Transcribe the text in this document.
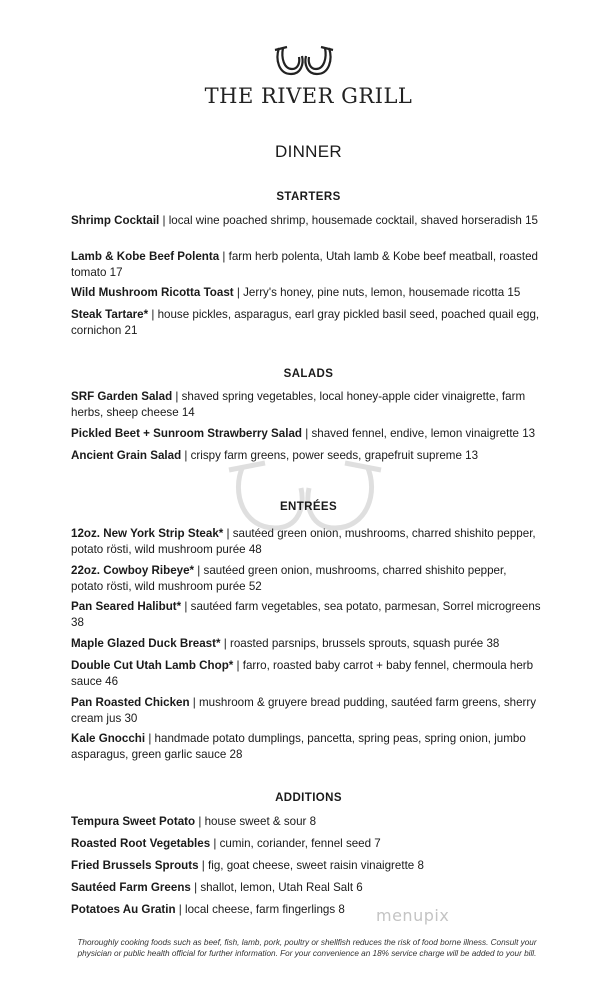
THE RIVER GRILL
DINNER
STARTERS
Shrimp Cocktail | local wine poached shrimp, housemade cocktail, shaved horseradish 15
Lamb & Kobe Beef Polenta | farm herb polenta, Utah lamb & Kobe beef meatball, roasted tomato 17
Wild Mushroom Ricotta Toast | Jerry's honey, pine nuts, lemon, housemade ricotta 15
Steak Tartare* | house pickles, asparagus, earl gray pickled basil seed, poached quail egg, cornichon 21
SALADS
SRF Garden Salad | shaved spring vegetables, local honey-apple cider vinaigrette, farm herbs, sheep cheese 14
Pickled Beet + Sunroom Strawberry Salad | shaved fennel, endive, lemon vinaigrette 13
Ancient Grain Salad | crispy farm greens, power seeds, grapefruit supreme 13
ENTRÉES
12oz. New York Strip Steak* | sautéed green onion, mushrooms, charred shishito pepper, potato rösti, wild mushroom purée 48
22oz. Cowboy Ribeye* | sautéed green onion, mushrooms, charred shishito pepper, potato rösti, wild mushroom purée 52
Pan Seared Halibut* | sautéed farm vegetables, sea potato, parmesan, Sorrel microgreens 38
Maple Glazed Duck Breast* | roasted parsnips, brussels sprouts, squash purée 38
Double Cut Utah Lamb Chop* | farro, roasted baby carrot + baby fennel, chermoula herb sauce 46
Pan Roasted Chicken | mushroom & gruyere bread pudding, sautéed farm greens, sherry cream jus 30
Kale Gnocchi | handmade potato dumplings, pancetta, spring peas, spring onion, jumbo asparagus, green garlic sauce 28
ADDITIONS
Tempura Sweet Potato | house sweet & sour 8
Roasted Root Vegetables | cumin, coriander, fennel seed 7
Fried Brussels Sprouts | fig, goat cheese, sweet raisin vinaigrette 8
Sautéed Farm Greens | shallot, lemon, Utah Real Salt 6
Potatoes Au Gratin | local cheese, farm fingerlings 8	menupix
Thoroughly cooking foods such as beef, fish, lamb, pork, poultry or shellfish reduces the risk of food borne illness. Consult your physician or public health official for further information. For your convenience an 18% service charge will be added to your bill.
